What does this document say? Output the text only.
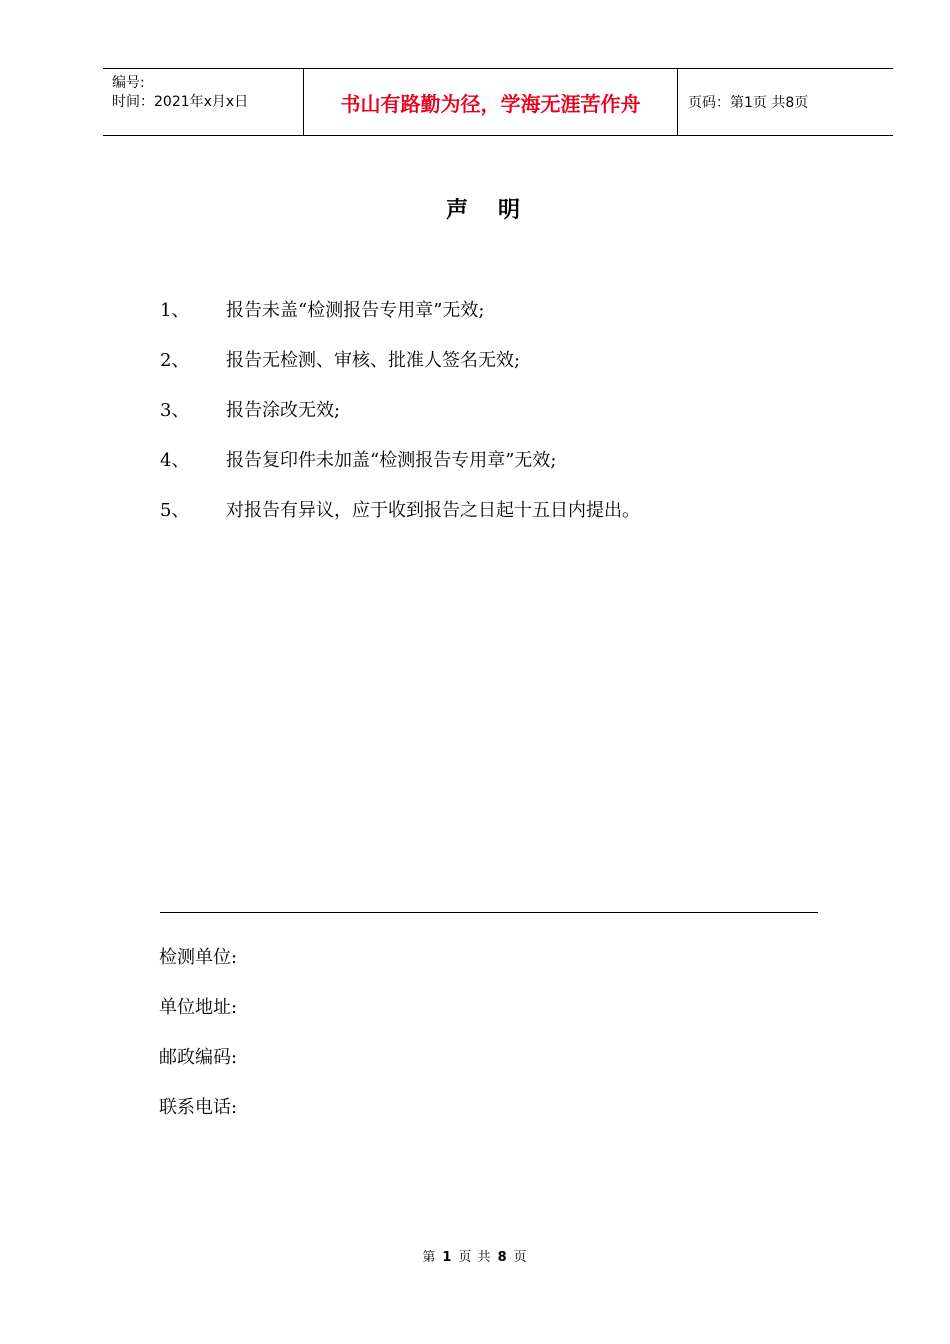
编号:
时间：2021年x月x日	书山有路勤为径，学海无涯苦作舟	页码：第1页 共8页
声明
1、	报告未盖“检测报告专用章”无效;
2、	报告无检测、审核、批准人签名无效;
3、	报告涂改无效;
4、	报告复印件未加盖“检测报告专用章”无效;
5、	对报告有异议，应于收到报告之日起十五日内提出。
检测单位:
单位地址:
邮政编码:
联系电话:
第 1 页 共 8 页
